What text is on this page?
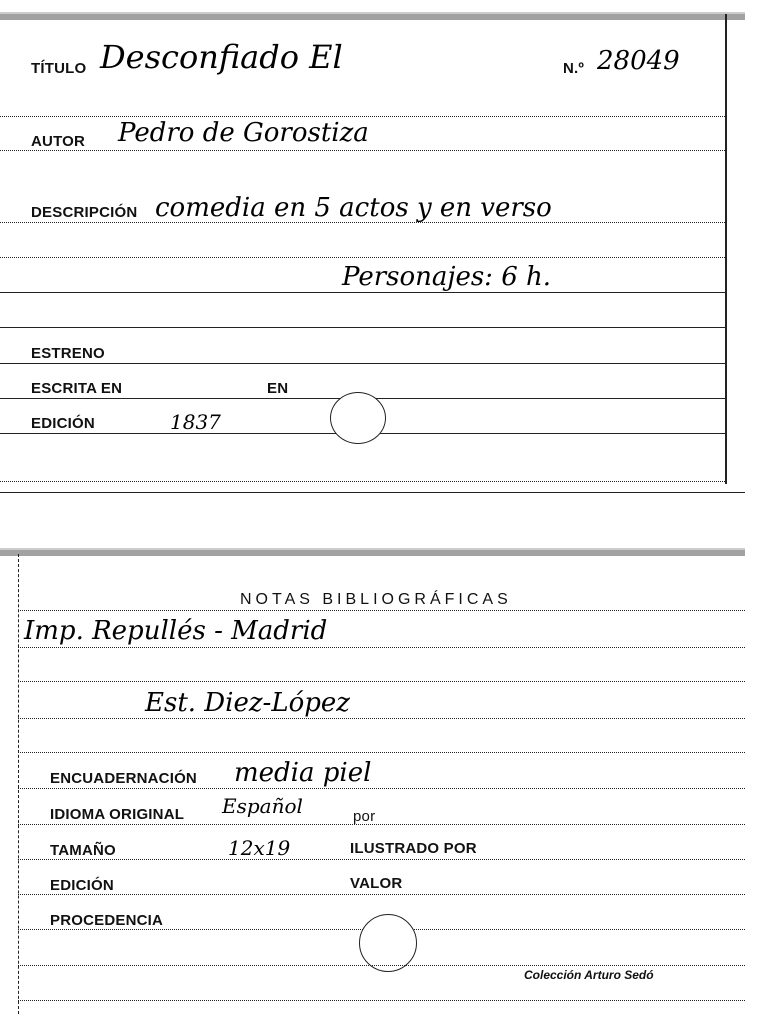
TÍTULO Desconfiado El	N.º 28049
AUTOR Pedro de Gorostiza
DESCRIPCIÓN comedia en 5 actos y en verso
Personajes: 6 h.
ESTRENO
ESCRITA EN	EN
EDICIÓN	1837
NOTAS BIBLIOGRÁFICAS
Imp. Repullés - Madrid
Est. Diez-López
ENCUADERNACIÓN media piel
IDIOMA ORIGINAL Español	por
TAMAÑO	12x19	ILUSTRADO POR
EDICIÓN	VALOR
PROCEDENCIA
Colección Arturo Sedó
